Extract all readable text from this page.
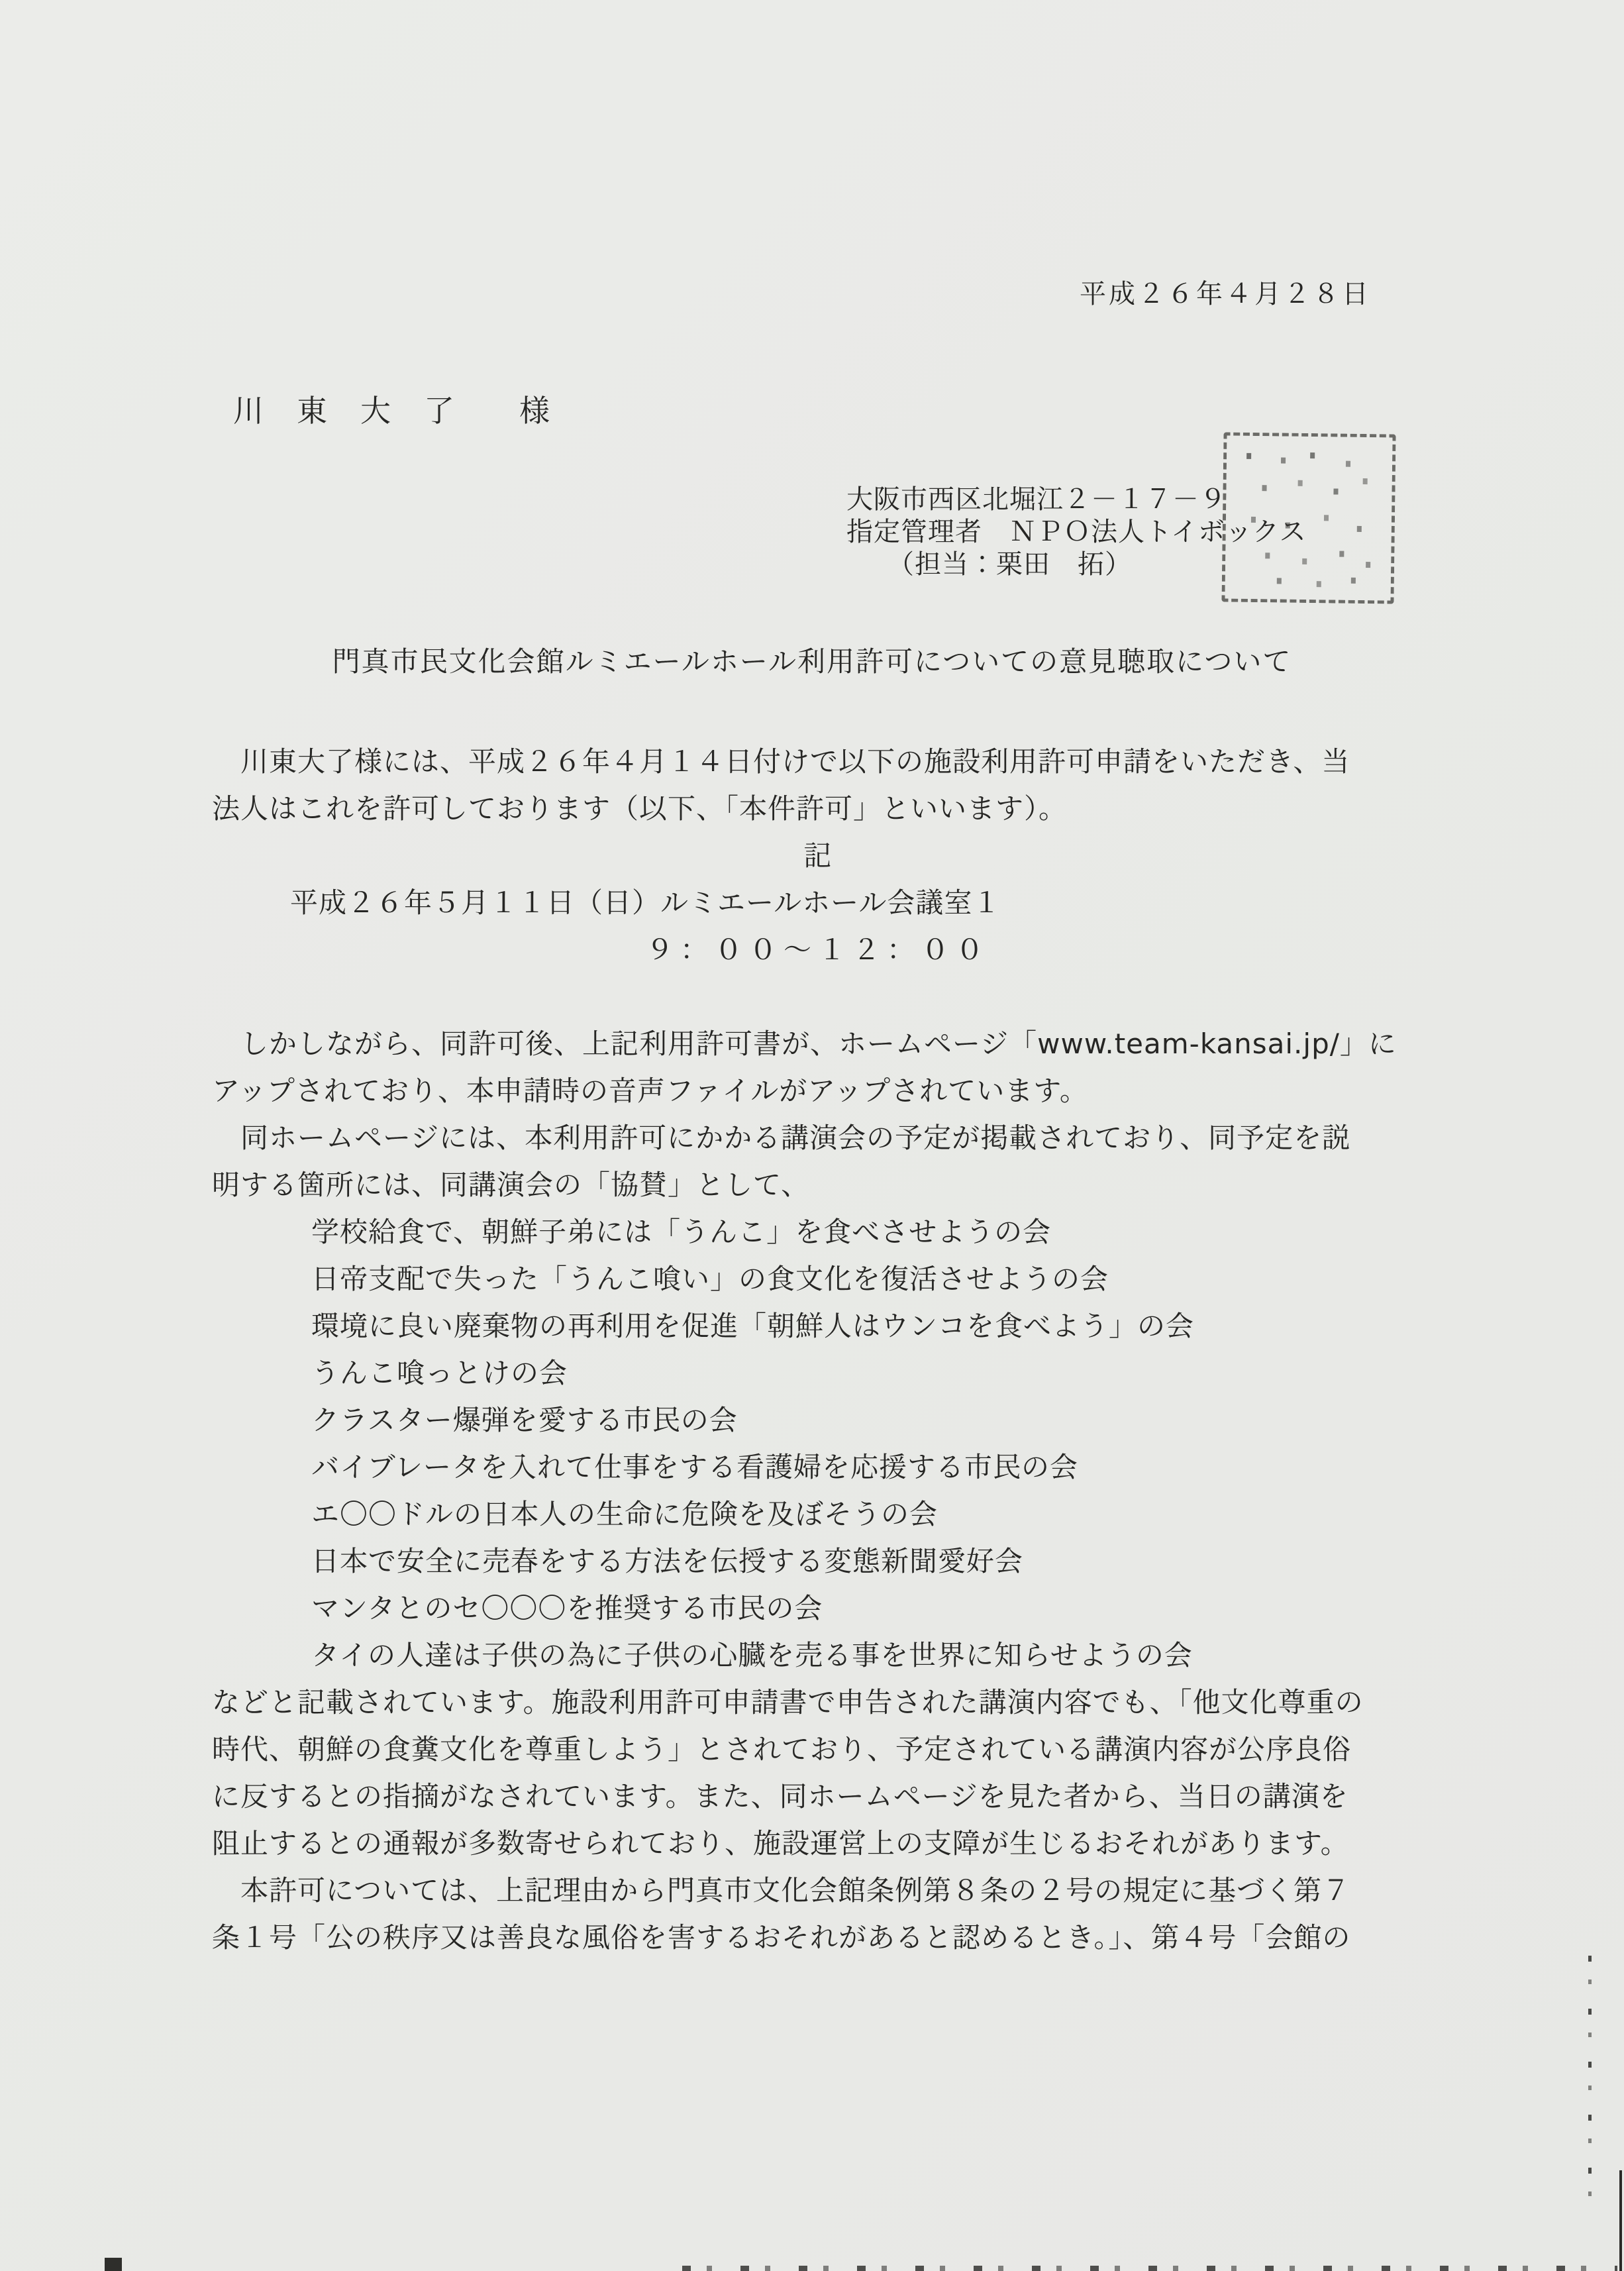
平成２６年４月２８日
川　東　大　了　　様
大阪市西区北堀江２－１７－９
指定管理者　ＮＰＯ法人トイボックス
（担当：栗田　拓）
門真市民文化会館ルミエールホール利用許可についての意見聴取について
　川東大了様には、平成２６年４月１４日付けで以下の施設利用許可申請をいただき、当
法人はこれを許可しております（以下、「本件許可」といいます）。
記
平成２６年５月１１日（日）ルミエールホール会議室１
９：００〜１２：００
　しかしながら、同許可後、上記利用許可書が、ホームページ「www.team-kansai.jp/」に
アップされており、本申請時の音声ファイルがアップされています。
　同ホームページには、本利用許可にかかる講演会の予定が掲載されており、同予定を説
明する箇所には、同講演会の「協賛」として、
学校給食で、朝鮮子弟には「うんこ」を食べさせようの会
日帝支配で失った「うんこ喰い」の食文化を復活させようの会
環境に良い廃棄物の再利用を促進「朝鮮人はウンコを食べよう」の会
うんこ喰っとけの会
クラスター爆弾を愛する市民の会
バイブレータを入れて仕事をする看護婦を応援する市民の会
エ〇〇ドルの日本人の生命に危険を及ぼそうの会
日本で安全に売春をする方法を伝授する変態新聞愛好会
マンタとのセ〇〇〇を推奨する市民の会
タイの人達は子供の為に子供の心臓を売る事を世界に知らせようの会
などと記載されています。施設利用許可申請書で申告された講演内容でも、「他文化尊重の
時代、朝鮮の食糞文化を尊重しよう」とされており、予定されている講演内容が公序良俗
に反するとの指摘がなされています。また、同ホームページを見た者から、当日の講演を
阻止するとの通報が多数寄せられており、施設運営上の支障が生じるおそれがあります。
　本許可については、上記理由から門真市文化会館条例第８条の２号の規定に基づく第７
条１号「公の秩序又は善良な風俗を害するおそれがあると認めるとき。」、第４号「会館の
